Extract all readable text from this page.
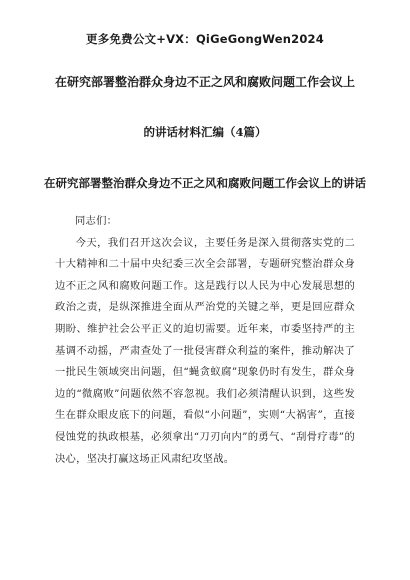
更多免费公文+VX：QiGeGongWen2024
在研究部署整治群众身边不正之风和腐败问题工作会议上
的讲话材料汇编（4篇）
在研究部署整治群众身边不正之风和腐败问题工作会议上的讲话

同志们：

今天，我们召开这次会议，主要任务是深入贯彻落实党的二十大精神和二十届中央纪委三次全会部署，专题研究整治群众身边不正之风和腐败问题工作。这是践行以人民为中心发展思想的政治之责，是纵深推进全面从严治党的关键之举，更是回应群众期盼、维护社会公平正义的迫切需要。近年来，市委坚持严的主基调不动摇，严肃查处了一批侵害群众利益的案件，推动解决了一批民生领域突出问题，但“蝇贪蚁腐”现象仍时有发生，群众身边的“微腐败”问题依然不容忽视。我们必须清醒认识到，这些发生在群众眼皮底下的问题，看似“小问题”，实则“大祸害”，直接侵蚀党的执政根基，必须拿出“刀刃向内”的勇气、“刮骨疗毒”的决心，坚决打赢这场正风肃纪攻坚战。
